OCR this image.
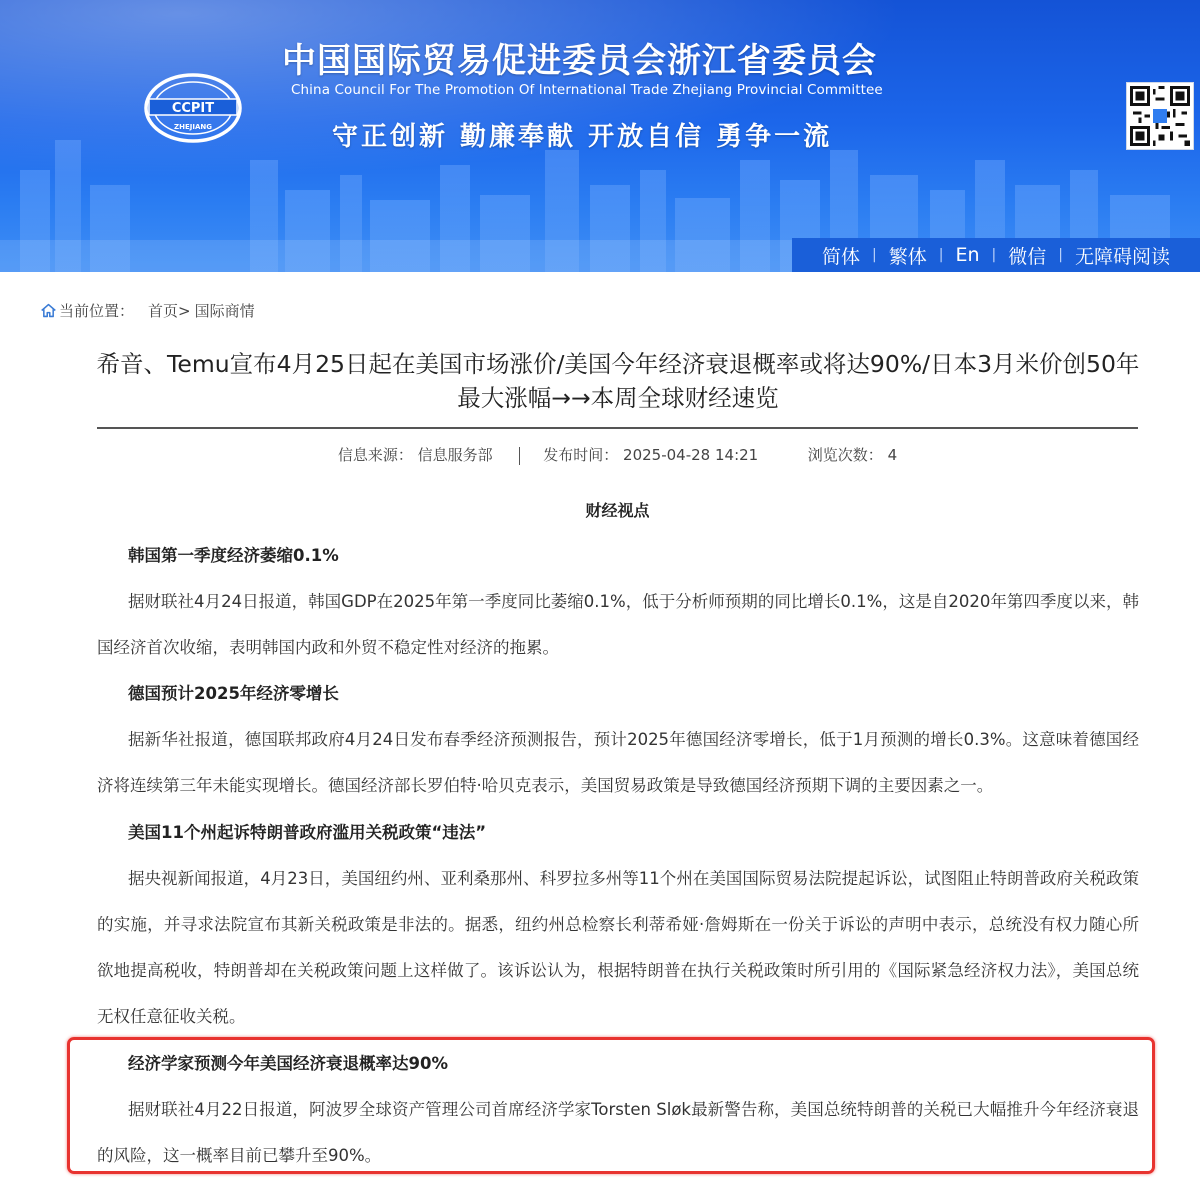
CCPIT
ZHEJIANG
中国国际贸易促进委员会浙江省委员会
China Council For The Promotion Of International Trade Zhejiang Provincial Committee
守正创新 勤廉奉献 开放自信 勇争一流
简体 | 繁体 | En | 微信 | 无障碍阅读
当前位置： 首页> 国际商情
希音、Temu宣布4月25日起在美国市场涨价/美国今年经济衰退概率或将达90%/日本3月米价创50年最大涨幅→→本周全球财经速览
信息来源： 信息服务部	发布时间： 2025-04-28 14:21	浏览次数： 4
财经视点

韩国第一季度经济萎缩0.1%

据财联社4月24日报道，韩国GDP在2025年第一季度同比萎缩0.1%，低于分析师预期的同比增长0.1%，这是自2020年第四季度以来，韩国经济首次收缩，表明韩国内政和外贸不稳定性对经济的拖累。

德国预计2025年经济零增长

据新华社报道，德国联邦政府4月24日发布春季经济预测报告，预计2025年德国经济零增长，低于1月预测的增长0.3%。这意味着德国经济将连续第三年未能实现增长。德国经济部长罗伯特·哈贝克表示，美国贸易政策是导致德国经济预期下调的主要因素之一。

美国11个州起诉特朗普政府滥用关税政策“违法”

据央视新闻报道，4月23日，美国纽约州、亚利桑那州、科罗拉多州等11个州在美国国际贸易法院提起诉讼，试图阻止特朗普政府关税政策的实施，并寻求法院宣布其新关税政策是非法的。据悉，纽约州总检察长利蒂希娅·詹姆斯在一份关于诉讼的声明中表示，总统没有权力随心所欲地提高税收，特朗普却在关税政策问题上这样做了。该诉讼认为，根据特朗普在执行关税政策时所引用的《国际紧急经济权力法》，美国总统无权任意征收关税。

经济学家预测今年美国经济衰退概率达90%

据财联社4月22日报道，阿波罗全球资产管理公司首席经济学家Torsten Sløk最新警告称，美国总统特朗普的关税已大幅推升今年经济衰退的风险，这一概率目前已攀升至90%。
